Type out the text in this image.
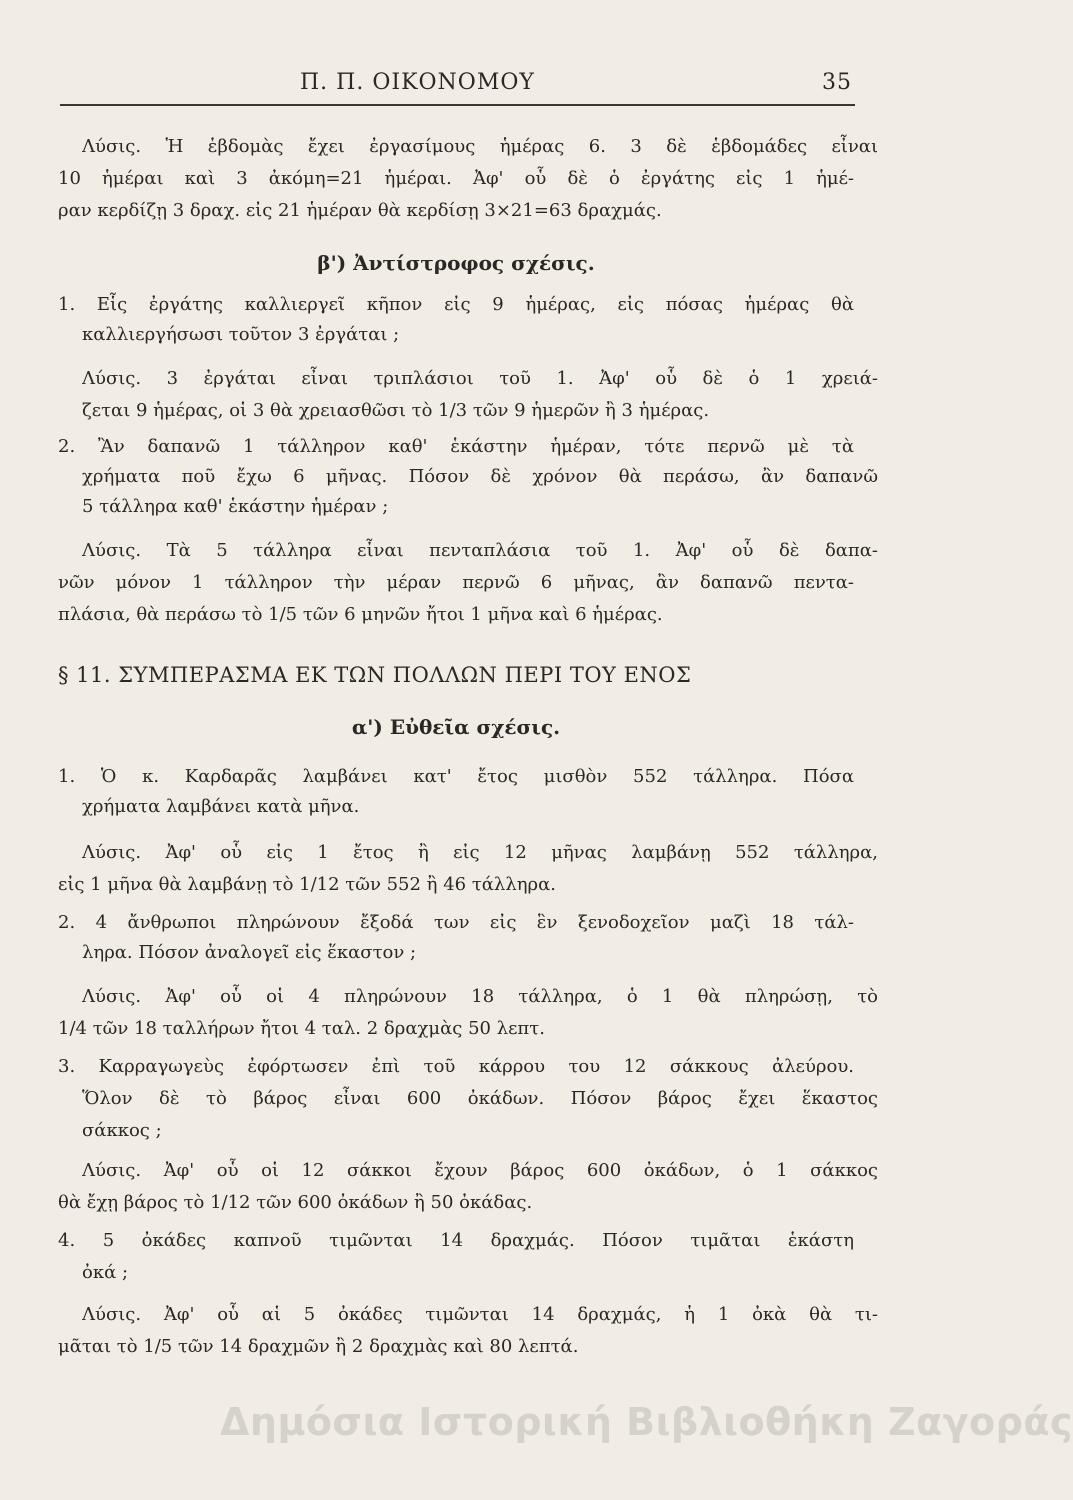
Π. Π. ΟΙΚΟΝΟΜΟΥ	35
Λύσις. Ἡ ἑβδομὰς ἔχει ἐργασίμους ἡμέρας 6. 3 δὲ ἑβδομάδες εἶναι
10 ἡμέραι καὶ 3 ἀκόμη=21 ἡμέραι. Ἀφ' οὗ δὲ ὁ ἐργάτης εἰς 1 ἡμέ-
ραν κερδίζῃ 3 δραχ. εἰς 21 ἡμέραν θὰ κερδίσῃ 3×21=63 δραχμάς.
β') Ἀντίστροφος σχέσις.
1. Εἷς ἐργάτης καλλιεργεῖ κῆπον εἰς 9 ἡμέρας, εἰς πόσας ἡμέρας θὰ
καλλιεργήσωσι τοῦτον 3 ἐργάται ;
Λύσις. 3 ἐργάται εἶναι τριπλάσιοι τοῦ 1. Ἀφ' οὗ δὲ ὁ 1 χρειά-
ζεται 9 ἡμέρας, οἱ 3 θὰ χρειασθῶσι τὸ 1/3 τῶν 9 ἡμερῶν ἢ 3 ἡμέρας.
2. Ἂν δαπανῶ 1 τάλληρον καθ' ἑκάστην ἡμέραν, τότε περνῶ μὲ τὰ
χρήματα ποῦ ἔχω 6 μῆνας. Πόσον δὲ χρόνον θὰ περάσω, ἂν δαπανῶ
5 τάλληρα καθ' ἑκάστην ἡμέραν ;
Λύσις. Τὰ 5 τάλληρα εἶναι πενταπλάσια τοῦ 1. Ἀφ' οὗ δὲ δαπα-
νῶν μόνον 1 τάλληρον τὴν μέραν περνῶ 6 μῆνας, ἂν δαπανῶ πεντα-
πλάσια, θὰ περάσω τὸ 1/5 τῶν 6 μηνῶν ἤτοι 1 μῆνα καὶ 6 ἡμέρας.
§ 11. ΣΥΜΠΕΡΑΣΜΑ ΕΚ ΤΩΝ ΠΟΛΛΩΝ ΠΕΡΙ ΤΟΥ ΕΝΟΣ
α') Εὐθεῖα σχέσις.
1. Ὁ κ. Καρδαρᾶς λαμβάνει κατ' ἔτος μισθὸν 552 τάλληρα. Πόσα
χρήματα λαμβάνει κατὰ μῆνα.
Λύσις. Ἀφ' οὗ εἰς 1 ἔτος ἢ εἰς 12 μῆνας λαμβάνῃ 552 τάλληρα,
εἰς 1 μῆνα θὰ λαμβάνῃ τὸ 1/12 τῶν 552 ἢ 46 τάλληρα.
2. 4 ἄνθρωποι πληρώνουν ἔξοδά των εἰς ἓν ξενοδοχεῖον μαζὶ 18 τάλ-
ληρα. Πόσον ἀναλογεῖ εἰς ἕκαστον ;
Λύσις. Ἀφ' οὗ οἱ 4 πληρώνουν 18 τάλληρα, ὁ 1 θὰ πληρώσῃ, τὸ
1/4 τῶν 18 ταλλήρων ἤτοι 4 ταλ. 2 δραχμὰς 50 λεπτ.
3. Καρραγωγεὺς ἐφόρτωσεν ἐπὶ τοῦ κάρρου του 12 σάκκους ἀλεύρου.
Ὅλον δὲ τὸ βάρος εἶναι 600 ὀκάδων. Πόσον βάρος ἔχει ἕκαστος
σάκκος ;
Λύσις. Ἀφ' οὗ οἱ 12 σάκκοι ἔχουν βάρος 600 ὀκάδων, ὁ 1 σάκκος
θὰ ἔχῃ βάρος τὸ 1/12 τῶν 600 ὀκάδων ἢ 50 ὀκάδας.
4. 5 ὀκάδες καπνοῦ τιμῶνται 14 δραχμάς. Πόσον τιμᾶται ἑκάστη
ὀκά ;
Λύσις. Ἀφ' οὗ αἱ 5 ὀκάδες τιμῶνται 14 δραχμάς, ἡ 1 ὀκὰ θὰ τι-
μᾶται τὸ 1/5 τῶν 14 δραχμῶν ἢ 2 δραχμὰς καὶ 80 λεπτά.
Δημόσια Ιστορική Βιβλιοθήκη Ζαγοράς
